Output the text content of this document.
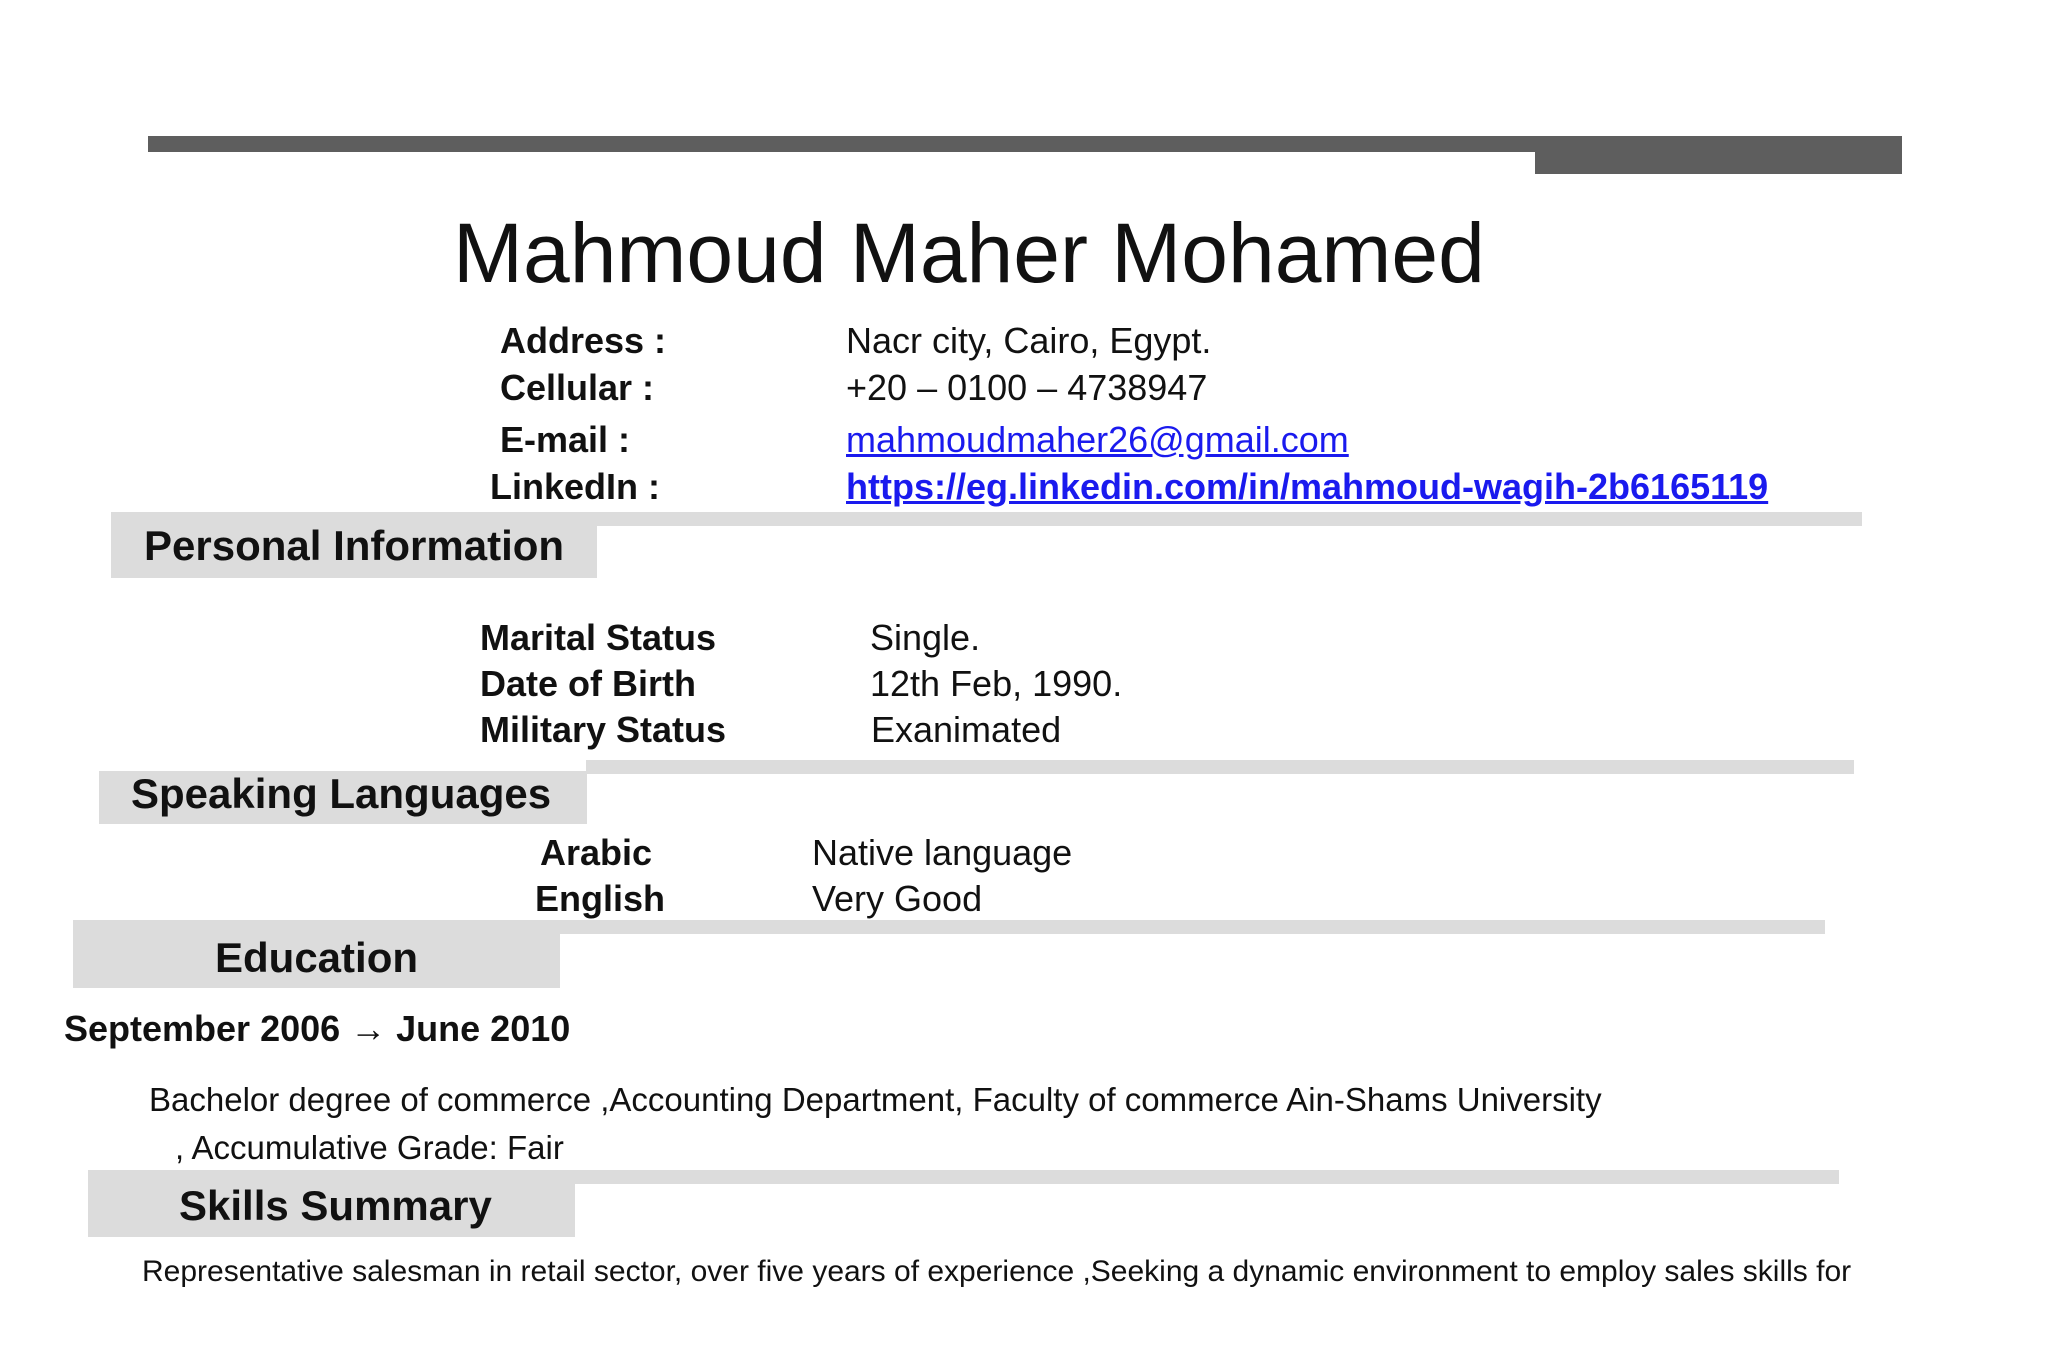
Mahmoud Maher Mohamed
Address :	Nacr city, Cairo, Egypt.
Cellular :	+20 – 0100 – 4738947
E-mail :	mahmoudmaher26@gmail.com
LinkedIn :	https://eg.linkedin.com/in/mahmoud-wagih-2b6165119
Personal Information
Marital Status	Single.
Date of Birth	12th Feb, 1990.
Military Status	Exanimated
Speaking Languages
Arabic	Native language
English	Very Good
Education
September 2006 → June 2010
Bachelor degree of commerce ,Accounting Department, Faculty of commerce Ain-Shams University
, Accumulative Grade: Fair
Skills Summary
Representative salesman in retail sector, over five years of experience ,Seeking a dynamic environment to employ sales skills for
